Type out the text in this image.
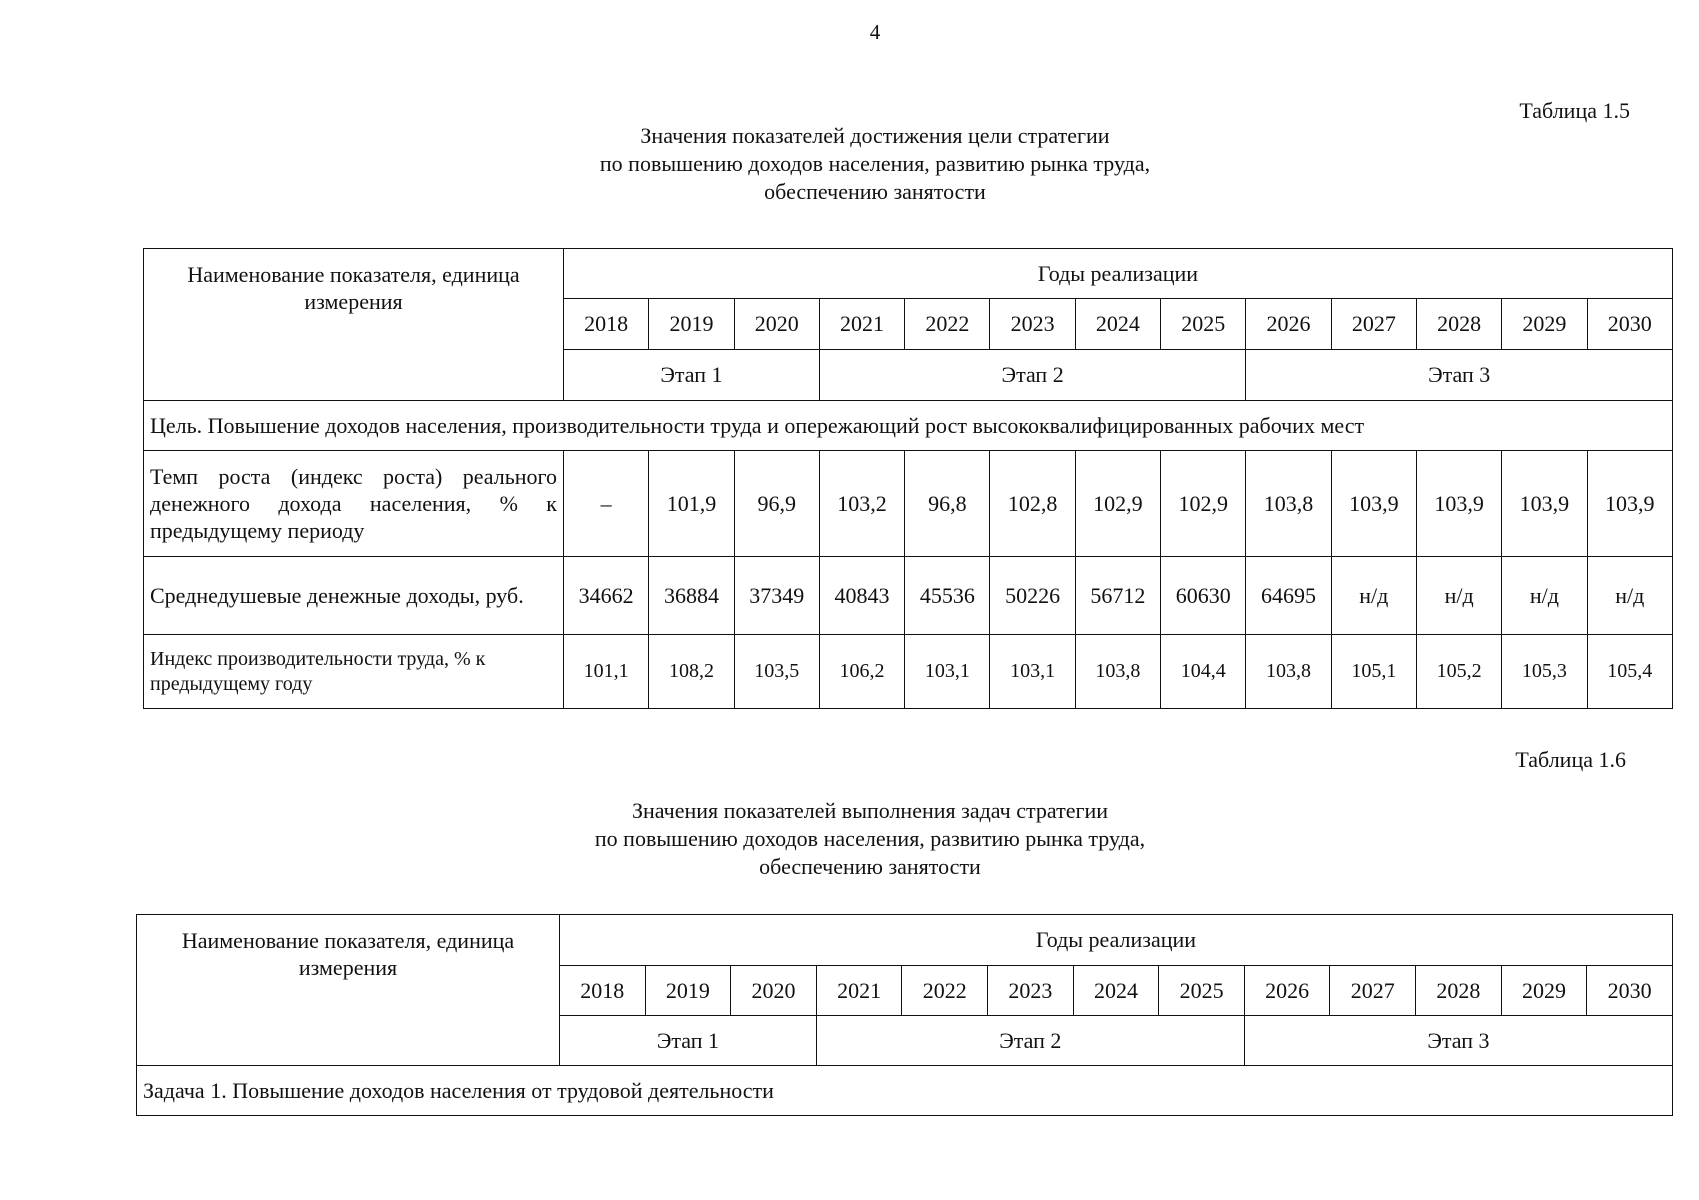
4
Таблица 1.5
Значения показателей достижения цели стратегии
по повышению доходов населения, развитию рынка труда,
обеспечению занятости
Наименование показателя, единица измерения	Годы реализации												
	2018	2019	2020	2021	2022	2023	2024	2025	2026	2027	2028	2029	2030
	Этап 1			Этап 2					Этап 3				
Цель. Повышение доходов населения, производительности труда и опережающий рост высококвалифицированных рабочих мест													
Темп роста (индекс роста) реального денежного дохода населения, % к предыдущему периоду	–	101,9	96,9	103,2	96,8	102,8	102,9	102,9	103,8	103,9	103,9	103,9	103,9
Среднедушевые денежные доходы, руб.	34662	36884	37349	40843	45536	50226	56712	60630	64695	н/д	н/д	н/д	н/д
Индекс производительности труда, % к предыдущему году	101,1	108,2	103,5	106,2	103,1	103,1	103,8	104,4	103,8	105,1	105,2	105,3	105,4
Таблица 1.6
Значения показателей выполнения задач стратегии
по повышению доходов населения, развитию рынка труда,
обеспечению занятости
Наименование показателя, единица измерения	Годы реализации												
	2018	2019	2020	2021	2022	2023	2024	2025	2026	2027	2028	2029	2030
	Этап 1			Этап 2					Этап 3				
Задача 1. Повышение доходов населения от трудовой деятельности													
